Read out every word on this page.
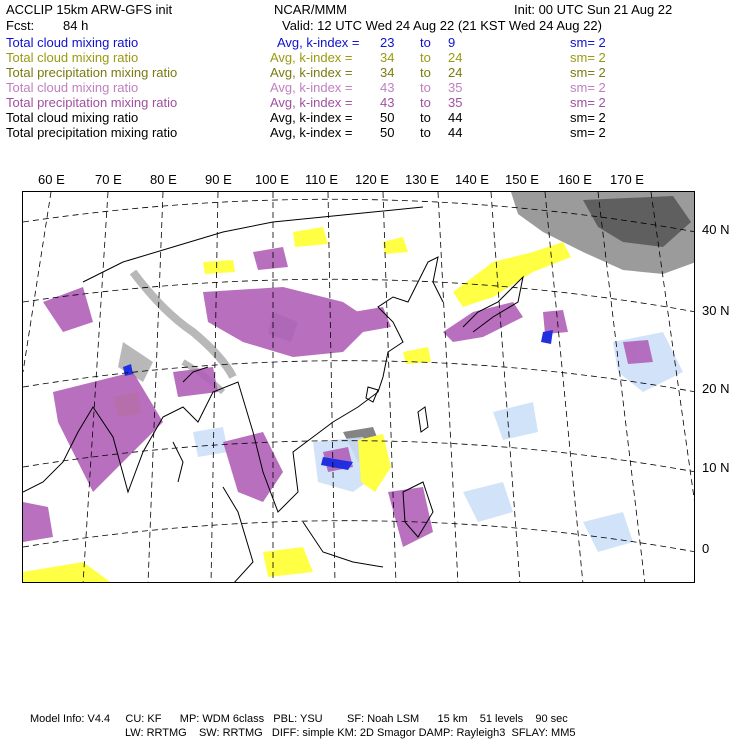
ACCLIP 15km ARW-GFS init	NCAR/MMM	Init: 00 UTC Sun 21 Aug 22
Fcst: 84 h	Valid: 12 UTC Wed 24 Aug 22 (21 KST Wed 24 Aug 22)
Total cloud mixing ratio	Avg, k-index = 23 to 9	sm= 2
Total cloud mixing ratio	Avg, k-index = 34 to 24	sm= 2
Total precipitation mixing ratio	Avg, k-index = 34 to 24	sm= 2
Total cloud mixing ratio	Avg, k-index = 43 to 35	sm= 2
Total precipitation mixing ratio	Avg, k-index = 43 to 35	sm= 2
Total cloud mixing ratio	Avg, k-index = 50 to 44	sm= 2
Total precipitation mixing ratio	Avg, k-index = 50 to 44	sm= 2
60 E 70 E 80 E 90 E 100 E 110 E 120 E 130 E 140 E 150 E 160 E 170 E
40 N
30 N
20 N
10 N
0
Model Info: V4.4     CU: KF      MP: WDM 6class   PBL: YSU        SF: Noah LSM      15 km    51 levels    90 sec
LW: RRTMG    SW: RRTMG   DIFF: simple KM: 2D Smagor DAMP: Rayleigh3  SFLAY: MM5
